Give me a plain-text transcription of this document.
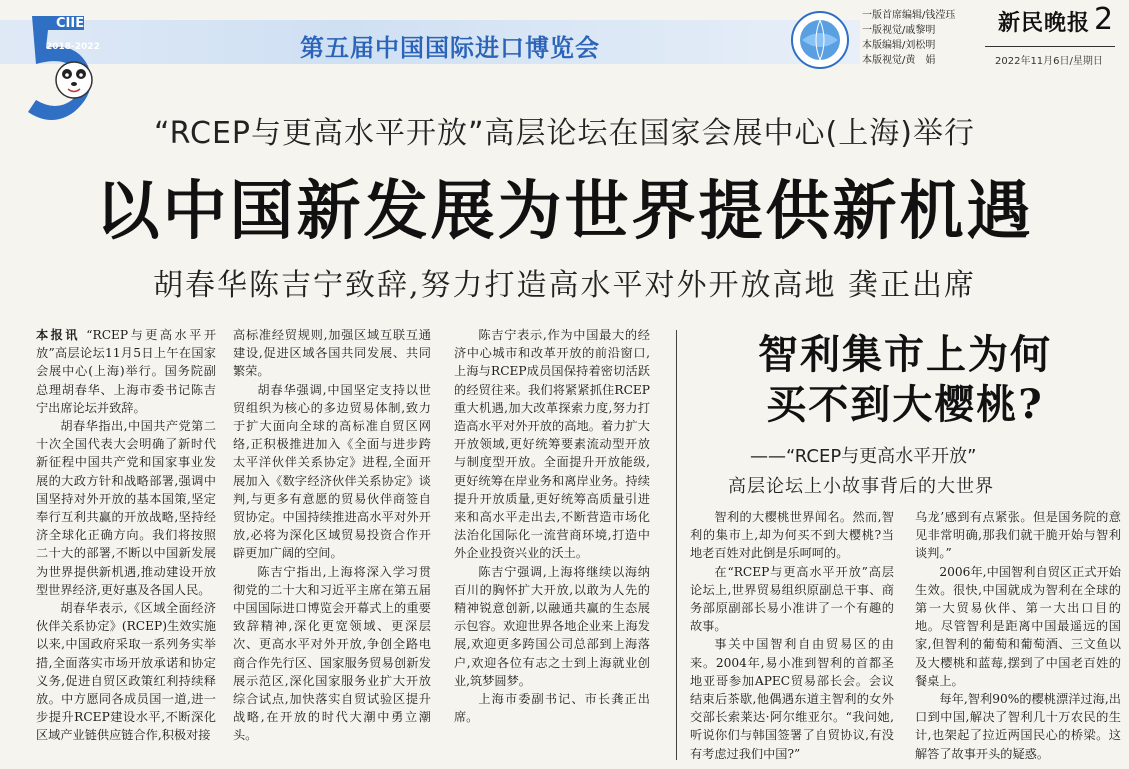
第五届中国国际进口博览会
CIIE
2018-2022
一版首席编辑/钱滢珏
一版视觉/戚黎明
本版编辑/刘松明
本版视觉/黄　娟
新民晚报 2
2022年11月6日/星期日
“RCEP与更高水平开放”高层论坛在国家会展中心(上海)举行
以中国新发展为世界提供新机遇
胡春华陈吉宁致辞,努力打造高水平对外开放高地 龚正出席

本报讯 “RCEP与更高水平开放”高层论坛11月5日上午在国家会展中心(上海)举行。国务院副总理胡春华、上海市委书记陈吉宁出席论坛并致辞。

胡春华指出,中国共产党第二十次全国代表大会明确了新时代新征程中国共产党和国家事业发展的大政方针和战略部署,强调中国坚持对外开放的基本国策,坚定奉行互利共赢的开放战略,坚持经济全球化正确方向。我们将按照二十大的部署,不断以中国新发展为世界提供新机遇,推动建设开放型世界经济,更好惠及各国人民。

胡春华表示,《区域全面经济伙伴关系协定》(RCEP)生效实施以来,中国政府采取一系列务实举措,全面落实市场开放承诺和协定义务,促进自贸区政策红利持续释放。中方愿同各成员国一道,进一步提升RCEP建设水平,不断深化区域产业链供应链合作,积极对接

高标准经贸规则,加强区域互联互通建设,促进区域各国共同发展、共同繁荣。

胡春华强调,中国坚定支持以世贸组织为核心的多边贸易体制,致力于扩大面向全球的高标准自贸区网络,正积极推进加入《全面与进步跨太平洋伙伴关系协定》进程,全面开展加入《数字经济伙伴关系协定》谈判,与更多有意愿的贸易伙伴商签自贸协定。中国持续推进高水平对外开放,必将为深化区域贸易投资合作开辟更加广阔的空间。

陈吉宁指出,上海将深入学习贯彻党的二十大和习近平主席在第五届中国国际进口博览会开幕式上的重要致辞精神,深化更宽领域、更深层次、更高水平对外开放,争创全路电商合作先行区、国家服务贸易创新发展示范区,深化国家服务业扩大开放综合试点,加快落实自贸试验区提升战略,在开放的时代大潮中勇立潮头。

陈吉宁表示,作为中国最大的经济中心城市和改革开放的前沿窗口,上海与RCEP成员国保持着密切活跃的经贸往来。我们将紧紧抓住RCEP重大机遇,加大改革探索力度,努力打造高水平对外开放的高地。着力扩大开放领域,更好统筹要素流动型开放与制度型开放。全面提升开放能级,更好统筹在岸业务和离岸业务。持续提升开放质量,更好统筹高质量引进来和高水平走出去,不断营造市场化法治化国际化一流营商环境,打造中外企业投资兴业的沃土。

陈吉宁强调,上海将继续以海纳百川的胸怀扩大开放,以敢为人先的精神锐意创新,以融通共赢的生态展示包容。欢迎世界各地企业来上海发展,欢迎更多跨国公司总部到上海落户,欢迎各位有志之士到上海就业创业,筑梦圆梦。

上海市委副书记、市长龚正出席。

智利集市上为何
买不到大樱桃?
——“RCEP与更高水平开放”
高层论坛上小故事背后的大世界

智利的大樱桃世界闻名。然而,智利的集市上,却为何买不到大樱桃?当地老百姓对此倒是乐呵呵的。

在“RCEP与更高水平开放”高层论坛上,世界贸易组织原副总干事、商务部原副部长易小准讲了一个有趣的故事。

事关中国智利自由贸易区的由来。2004年,易小准到智利的首都圣地亚哥参加APEC贸易部长会。会议结束后茶歇,他偶遇东道主智利的女外交部长索莱达·阿尔维亚尔。“我问她,听说你们与韩国签署了自贸协议,有没有考虑过我们中国?”

乌龙’感到有点紧张。但是国务院的意见非常明确,那我们就干脆开始与智利谈判。”

2006年,中国智利自贸区正式开始生效。很快,中国就成为智利在全球的第一大贸易伙伴、第一大出口目的地。尽管智利是距离中国最遥远的国家,但智利的葡萄和葡萄酒、三文鱼以及大樱桃和蓝莓,摆到了中国老百姓的餐桌上。

每年,智利90%的樱桃漂洋过海,出口到中国,解决了智利几十万农民的生计,也架起了拉近两国民心的桥梁。这解答了故事开头的疑惑。
